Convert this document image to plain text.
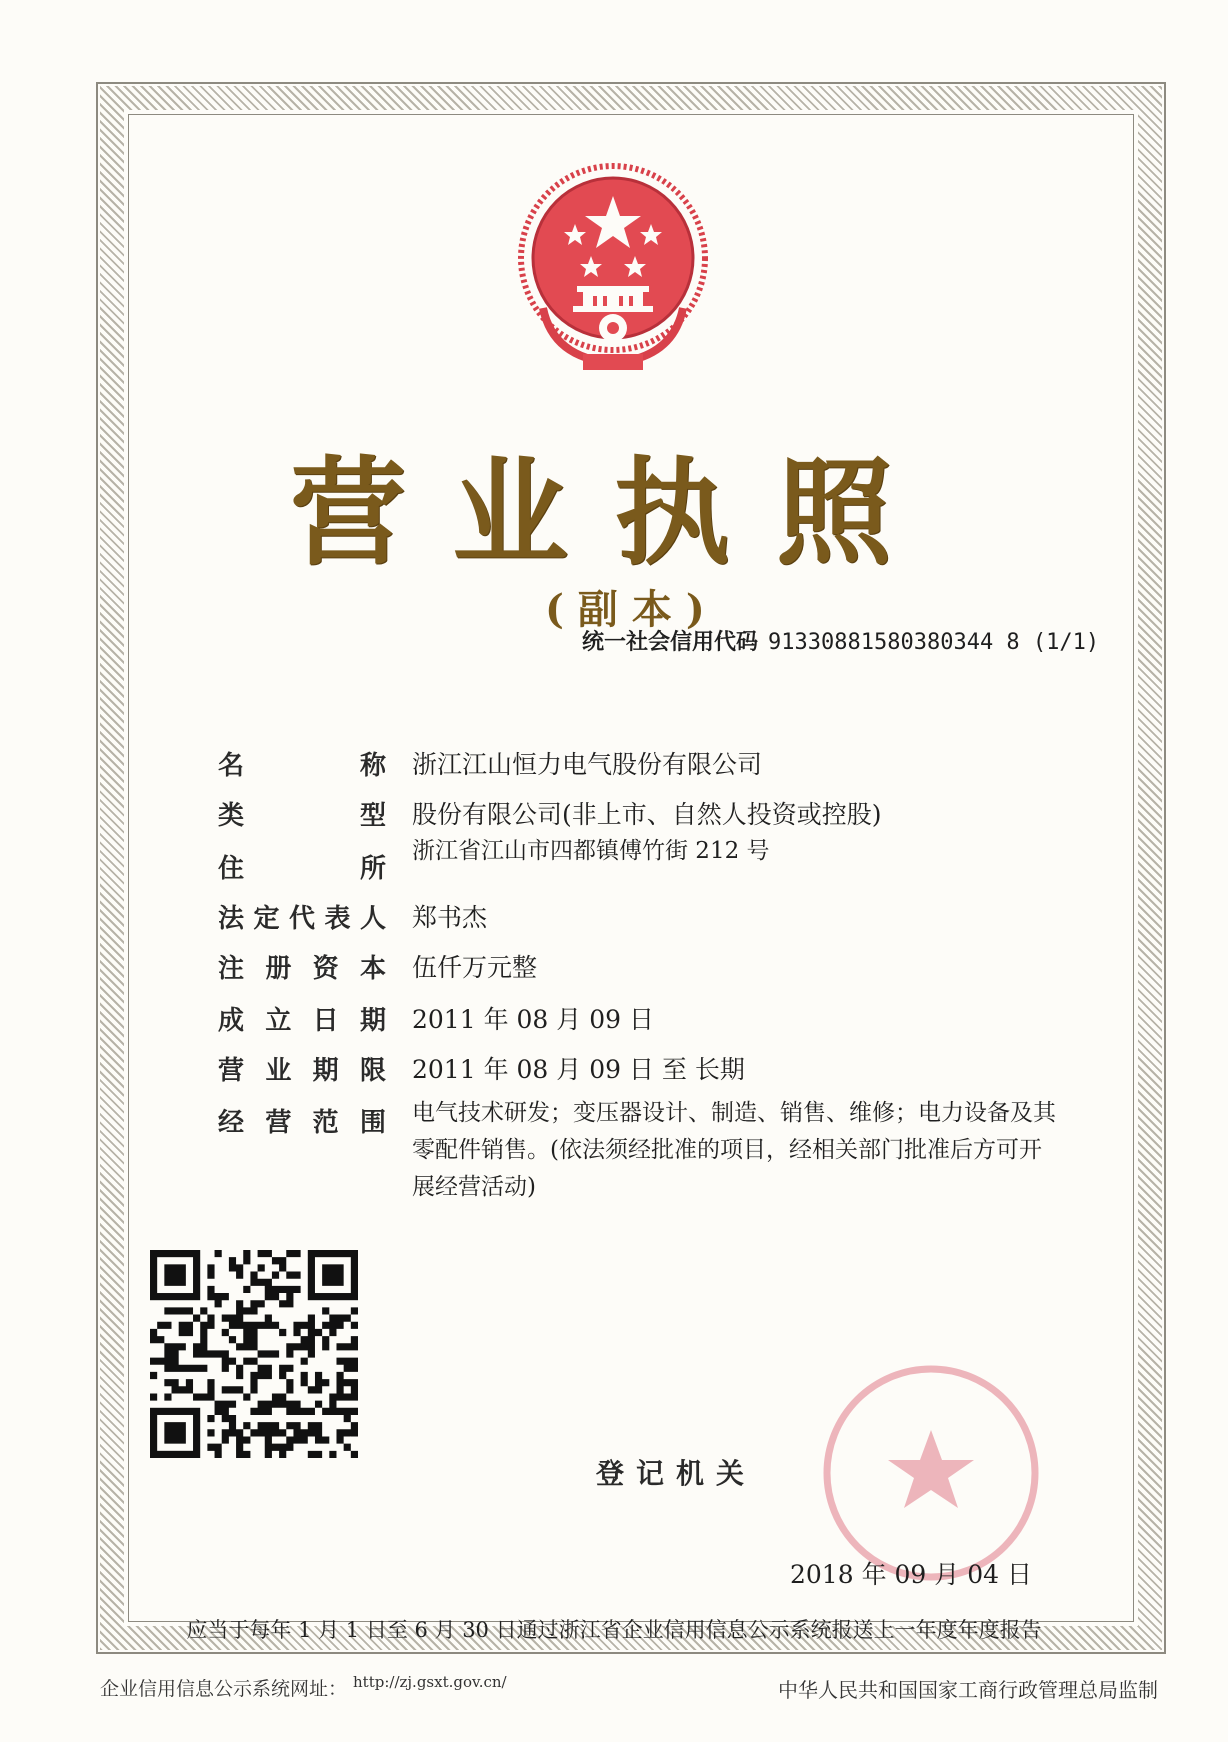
营业执照
(副本)
统一社会信用代码 91330881580380344 8 (1/1)
名称 浙江江山恒力电气股份有限公司
类型 股份有限公司(非上市、自然人投资或控股)
住所浙江省江山市四都镇傅竹街 212 号
法定代表人 郑书杰
注册资本 伍仟万元整
成立日期 2011 年 08 月 09 日
营业期限 2011 年 08 月 09 日 至 长期
经营范围 电气技术研发；变压器设计、制造、销售、维修；电力设备及其
零配件销售。(依法须经批准的项目，经相关部门批准后方可开
展经营活动)
登记机关
2018 年 09 月 04 日
应当于每年 1 月 1 日至 6 月 30 日通过浙江省企业信用信息公示系统报送上一年度年度报告
企业信用信息公示系统网址： $^{http://zj.gsxt.gov.cn/}$	中华人民共和国国家工商行政管理总局监制
